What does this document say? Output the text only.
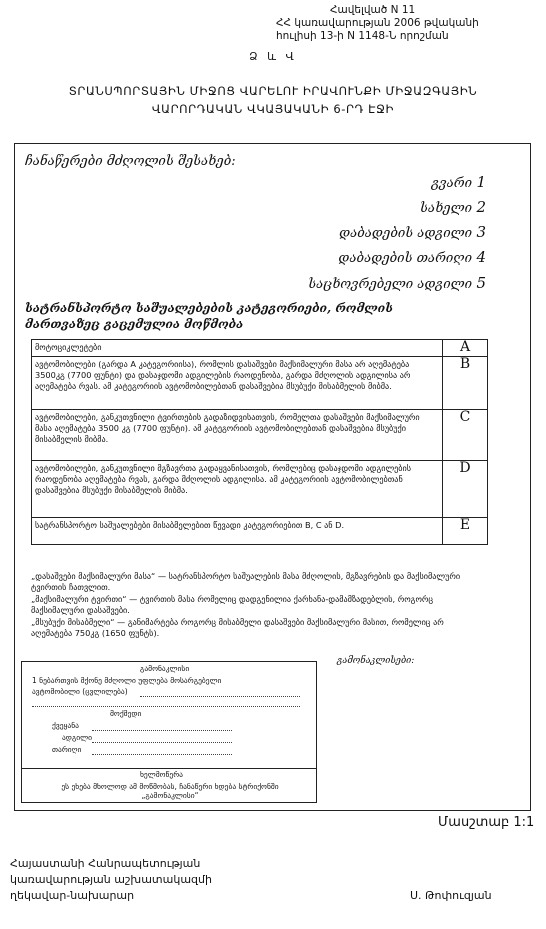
Հավելված N 11
ՀՀ կառավարության 2006 թվականի
հուլիսի 13-ի N 1148-Ն որոշման
Ձ և Վ
ՏՐԱՆՍՊՈՐՏԱՅԻՆ ՄԻՋՈՑ ՎԱՐԵԼՈՒ ԻՐԱՎՈՒՆՔԻ ՄԻՋԱԶԳԱՅԻՆ
ՎԱՐՈՐԴԱԿԱՆ ՎԿԱՅԱԿԱՆԻ 6-ՐԴ ԷՋԻ
ჩანაწერები მძღოლის შესახებ:
გვარი 1
სახელი 2
დაბადების ადგილი 3
დაბადების თარიღი 4
საცხოვრებელი ადგილი 5
სატრანსპორტო საშუალებების კატეგორიები, რომლის მართვაზეც გაცემულია მოწმობა
მოტოციკლეტები	A
ავტომობილები (გარდა A კატეგორიისა), რომლის დასაშვები მაქსიმალური მასა არ აღემატება 3500კგ (7700 ფუნტი) და დასაჯდომი ადგილების რაოდენობა, გარდა მძღოლის ადგილისა არ აღემატება რვას. ამ კატეგორიის ავტომობილებთან დასაშვებია მსუბუქი მისაბმელის მიბმა.	B
ავტომობილები, განკუთვნილი ტვირთების გადაზიდვისათვის, რომელთა დასაშვები მაქსიმალური მასა აღემატება 3500 კგ (7700 ფუნტი). ამ კატეგორიის ავტომობილებთან დასაშვებია მსუბუქი მისაბმელის მიბმა.	C
ავტომობილები, განკუთვნილი მგზავრთა გადაყვანისათვის, რომლებიც დასაჯდომი ადგილების რაოდენობა აღემატება რვას, გარდა მძღოლის ადგილისა. ამ კატეგორიის ავტომობილებთან დასაშვებია მსუბუქი მისაბმელის მიბმა.	D
სატრანსპორტო საშუალებები მისაბმელებით წევადი კატეგორიებით B, C ან D.	E

„დასაშვები მაქსიმალური მასა“ — სატრანსპორტო საშუალების მასა მძღოლის, მგზავრების და მაქსიმალური ტვირთის ჩათვლით.

„მაქსიმალური ტვირთი“ — ტვირთის მასა რომელიც დადგენილია ქარხანა-დამამზადებლის, როგორც მაქსიმალური დასაშვები.

„მსუბუქი მისაბმელი“ — განიმარტება როგორც მისაბმელი დასაშვები მაქსიმალური მასით, რომელიც არ აღემატება 750კგ (1650 ფუნტს).

გამონაკლისი
1 ნებართვის მქონე მძღოლი უფლება მოსარგებელი
ავტომობილი (ცვლილება)
მოქმედი
ქვეყანა
ადგილი
თარიღი
ხელმოწერა
ეს ეხება მხოლოდ ამ მოწმობას, ჩანაწერი ხდება სტრიქონში „გამონაკლისი“
გამონაკლისები:
Մասշտաբ 1:1
Հայաստանի Հանրապետության
կառավարության աշխատակազմի
ղեկավար-նախարար	Ս. Թոփուզյան
